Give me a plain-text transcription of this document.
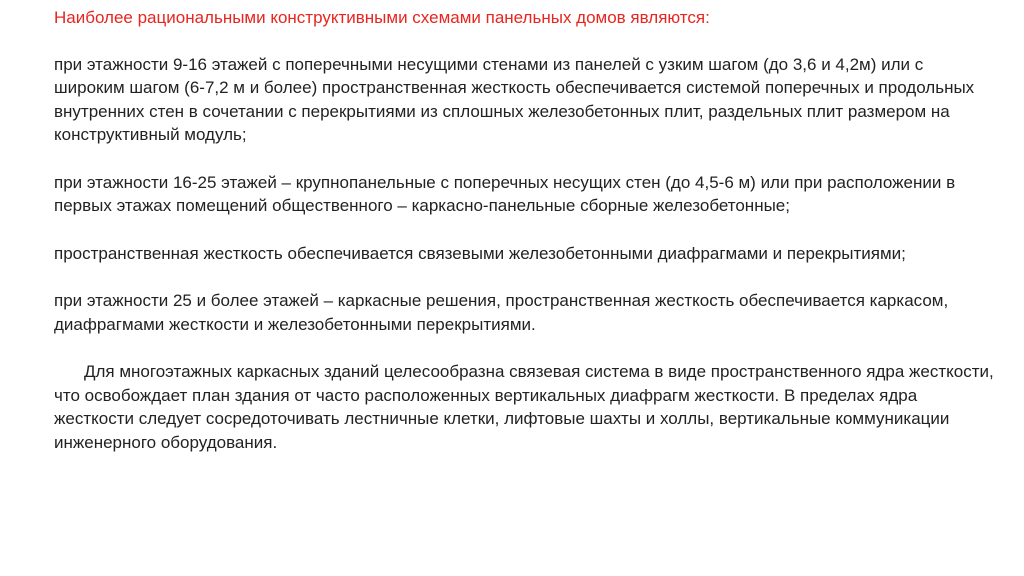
Наиболее рациональными конструктивными схемами панельных домов являются:

при этажности 9-16 этажей с поперечными несущими стенами из панелей с узким шагом (до 3,6 и 4,2м) или с широким шагом (6-7,2 м и более) пространственная жесткость обеспечивается системой поперечных и продольных внутренних стен в сочетании с перекрытиями из сплошных железобетонных плит, раздельных плит размером на конструктивный модуль;

при этажности 16-25 этажей – крупнопанельные с поперечных несущих стен (до 4,5-6 м) или при расположении в первых этажах помещений общественного – каркасно-панельные сборные железобетонные;

пространственная жесткость обеспечивается связевыми железобетонными диафрагмами и перекрытиями;

при этажности 25 и более этажей – каркасные решения, пространственная жесткость обеспечивается каркасом, диафрагмами жесткости и железобетонными перекрытиями.

Для многоэтажных каркасных зданий целесообразна связевая система в виде пространственного ядра жесткости, что освобождает план здания от часто расположенных вертикальных диафрагм жесткости. В пределах ядра жесткости следует сосредоточивать лестничные клетки, лифтовые шахты и холлы, вертикальные коммуникации инженерного оборудования.
